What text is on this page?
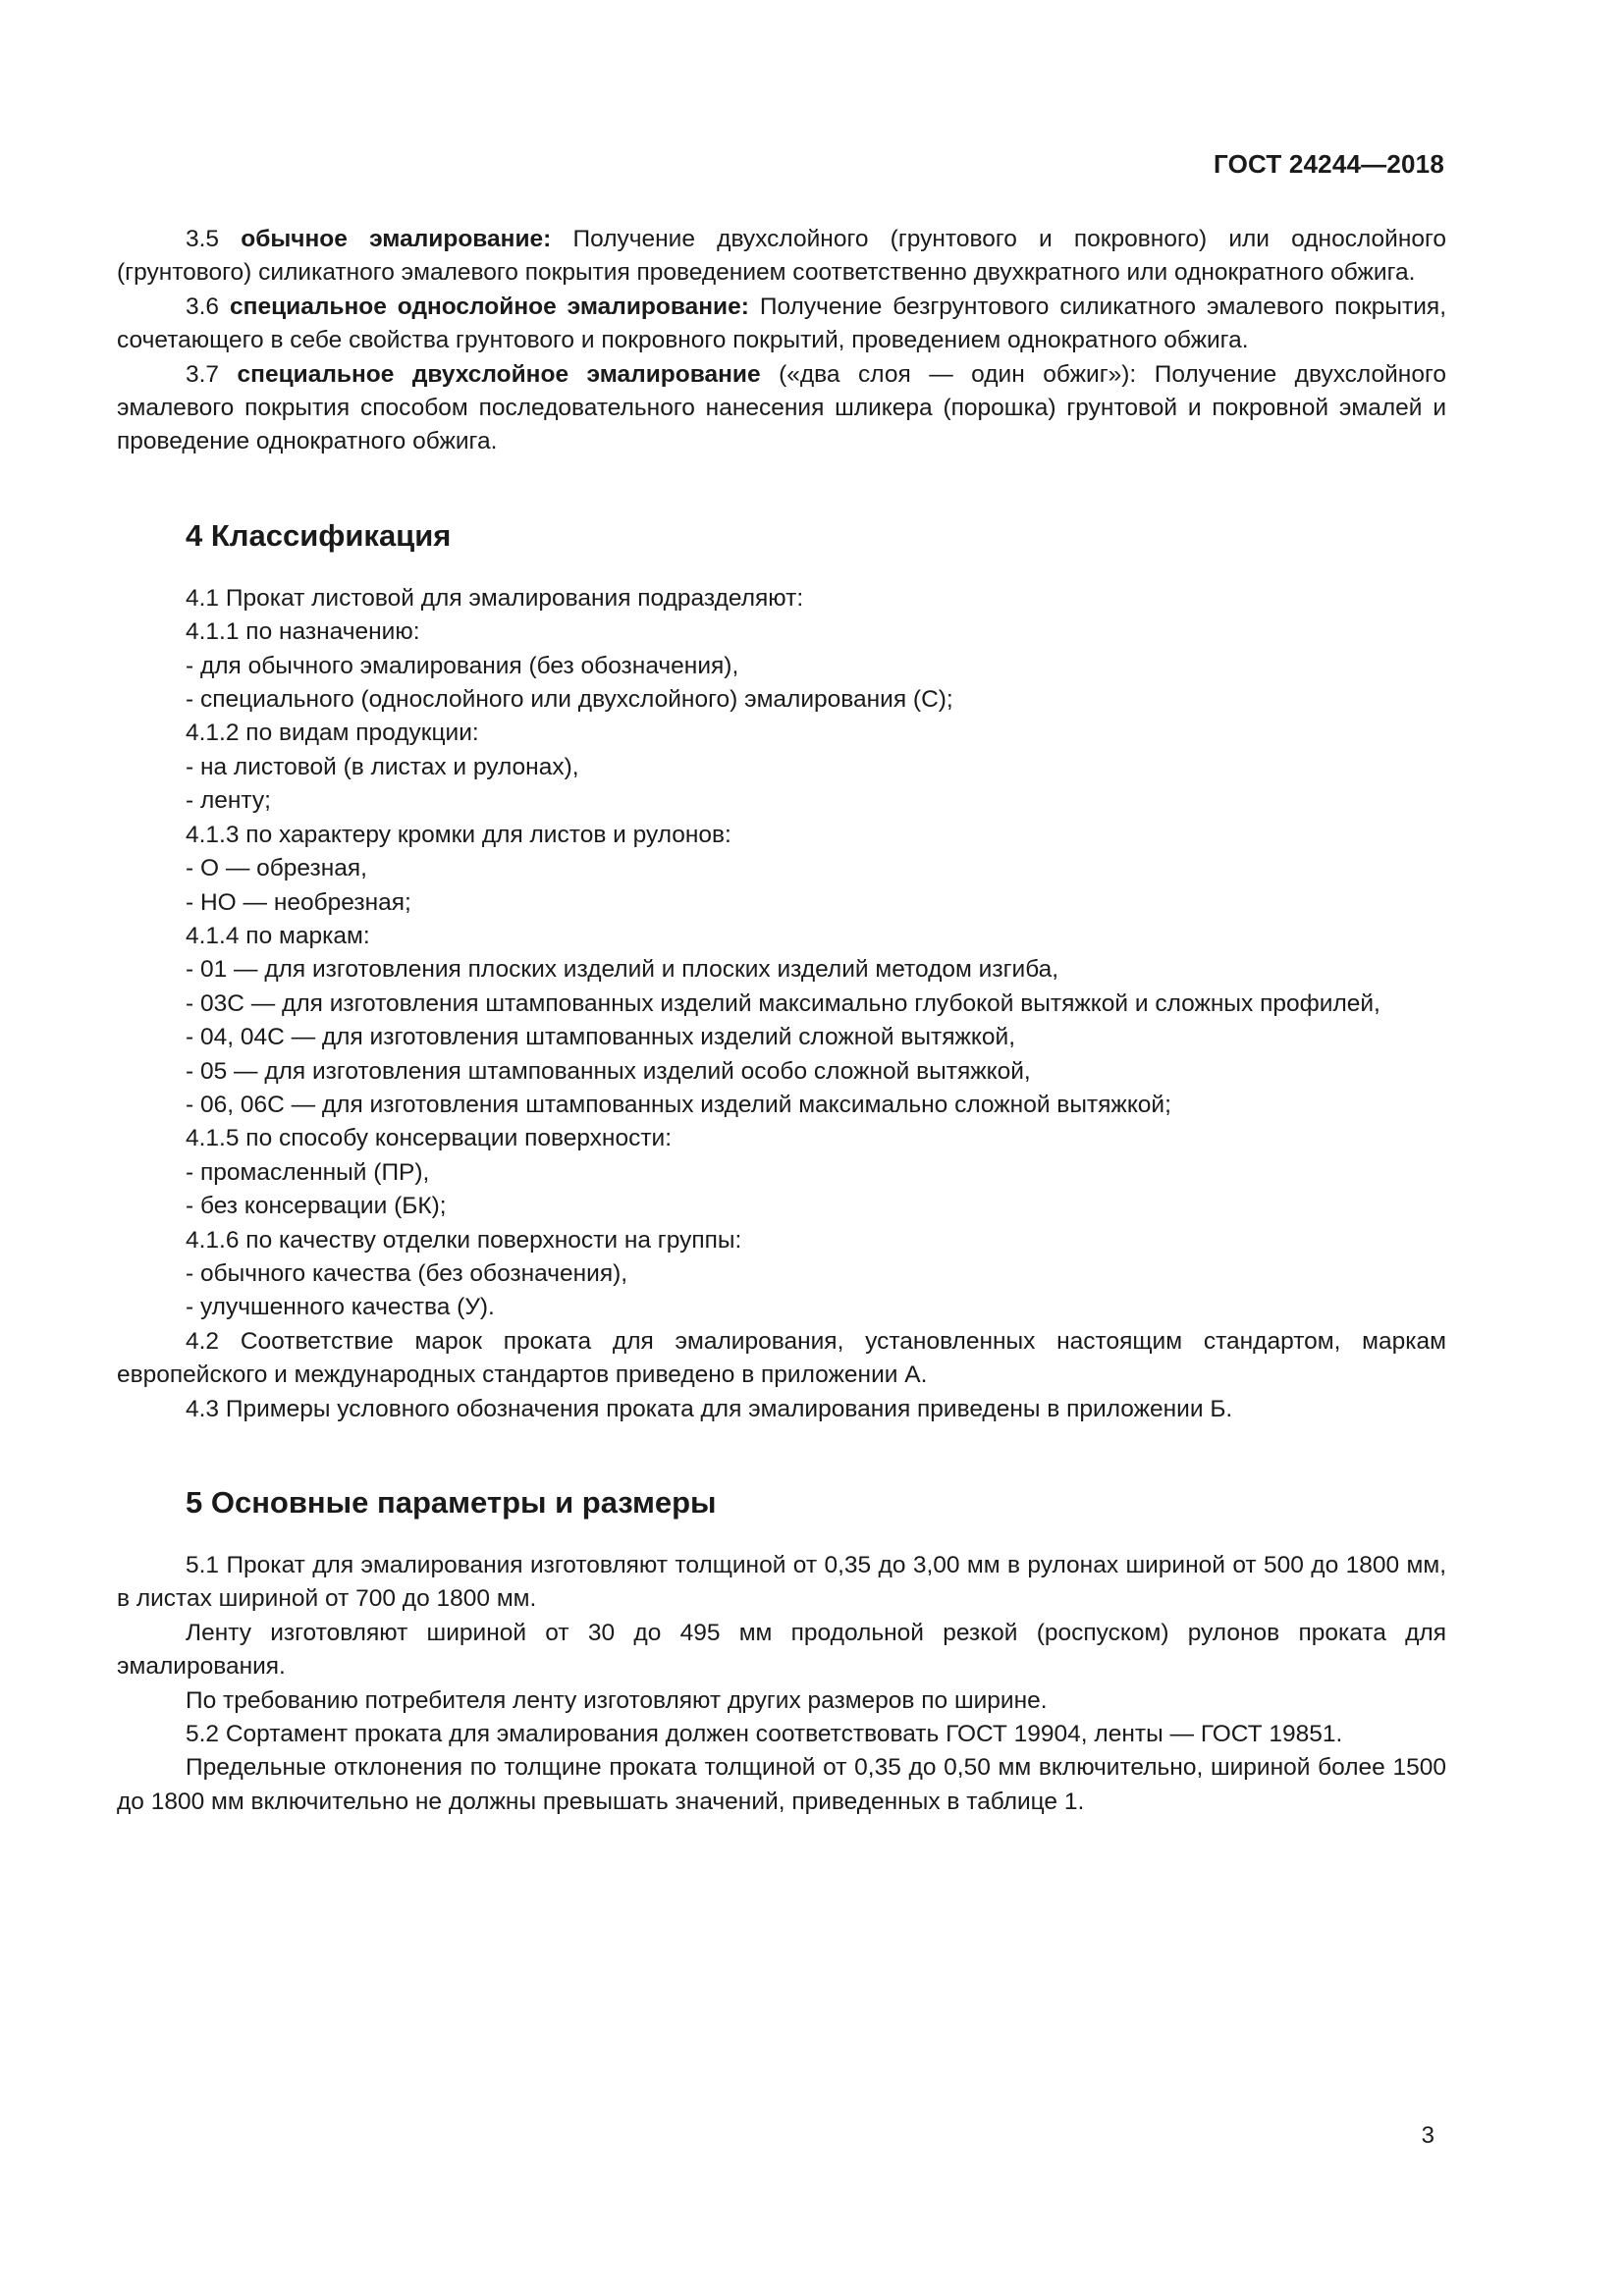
ГОСТ 24244—2018

3.5 обычное эмалирование: Получение двухслойного (грунтового и покровного) или однослойного (грунтового) силикатного эмалевого покрытия проведением соответственно двухкратного или однократного обжига.

3.6 специальное однослойное эмалирование: Получение безгрунтового силикатного эмалевого покрытия, сочетающего в себе свойства грунтового и покровного покрытий, проведением однократного обжига.

3.7 специальное двухслойное эмалирование («два слоя — один обжиг»): Получение двухслойного эмалевого покрытия способом последовательного нанесения шликера (порошка) грунтовой и покровной эмалей и проведение однократного обжига.

4 Классификация

4.1 Прокат листовой для эмалирования подразделяют:

4.1.1 по назначению:

- для обычного эмалирования (без обозначения),

- специального (однослойного или двухслойного) эмалирования (С);

4.1.2 по видам продукции:

- на листовой (в листах и рулонах),

- ленту;

4.1.3 по характеру кромки для листов и рулонов:

- О — обрезная,

- НО — необрезная;

4.1.4 по маркам:

- 01 — для изготовления плоских изделий и плоских изделий методом изгиба,

- 03С — для изготовления штампованных изделий максимально глубокой вытяжкой и сложных профилей,

- 04, 04С — для изготовления штампованных изделий сложной вытяжкой,

- 05 — для изготовления штампованных изделий особо сложной вытяжкой,

- 06, 06С — для изготовления штампованных изделий максимально сложной вытяжкой;

4.1.5 по способу консервации поверхности:

- промасленный (ПР),

- без консервации (БК);

4.1.6 по качеству отделки поверхности на группы:

- обычного качества (без обозначения),

- улучшенного качества (У).

4.2 Соответствие марок проката для эмалирования, установленных настоящим стандартом, маркам европейского и международных стандартов приведено в приложении А.

4.3 Примеры условного обозначения проката для эмалирования приведены в приложении Б.

5 Основные параметры и размеры

5.1 Прокат для эмалирования изготовляют толщиной от 0,35 до 3,00 мм в рулонах шириной от 500 до 1800 мм, в листах шириной от 700 до 1800 мм.

Ленту изготовляют шириной от 30 до 495 мм продольной резкой (роспуском) рулонов проката для эмалирования.

По требованию потребителя ленту изготовляют других размеров по ширине.

5.2 Сортамент проката для эмалирования должен соответствовать ГОСТ 19904, ленты — ГОСТ 19851.

Предельные отклонения по толщине проката толщиной от 0,35 до 0,50 мм включительно, шириной более 1500 до 1800 мм включительно не должны превышать значений, приведенных в таблице 1.

3
